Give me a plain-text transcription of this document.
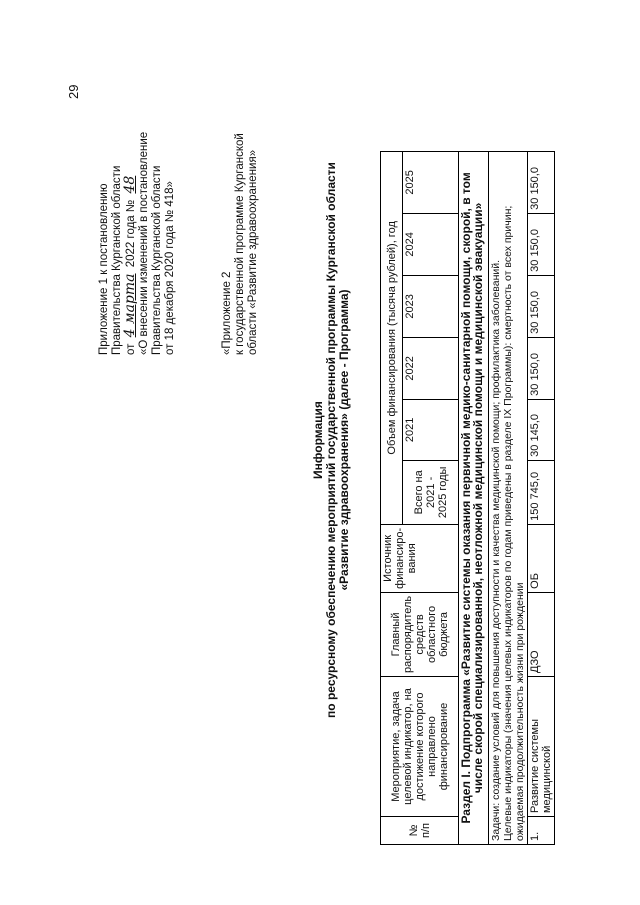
29
Приложение 1 к постановлению Правительства Курганской области от 4 марта 2022 года № 48 «О внесении изменений в постановление Правительства Курганской области от 18 декабря 2020 года № 418»	«Приложение 2 к государственной программе Курганской области «Развитие здравоохранения»
Информация по ресурсному обеспечению мероприятий государственной программы Курганской области «Развитие здравоохранения» (далее - Программа)
№ п/п	Мероприятие, задача целевой индикатор, на достижение которого направлено финансирование	Главный распорядитель средств областного бюджета	Источник финансиро-вания	Объем финансирования (тысяча рублей), год					
				Всего на 2021 - 2025 годы	2021	2022	2023	2024	2025
Раздел I. Подпрограмма «Развитие системы оказания первичной медико-санитарной помощи, скорой, в том числе скорой специализированной, неотложной медицинской помощи и медицинской эвакуации»									

Задачи: создание условий для повышения доступности и качества медицинской помощи; профилактика заболеваний. Целевые индикаторы (значения целевых индикаторов по годам приведены в разделе IX Программы): смертность от всех причин; ожидаемая продолжительность жизни при рождении									

1.	Развитие системы медицинской	ДЗО	ОБ	150 745,0	30 145,0	30 150,0	30 150,0	30 150,0	30 150,0
